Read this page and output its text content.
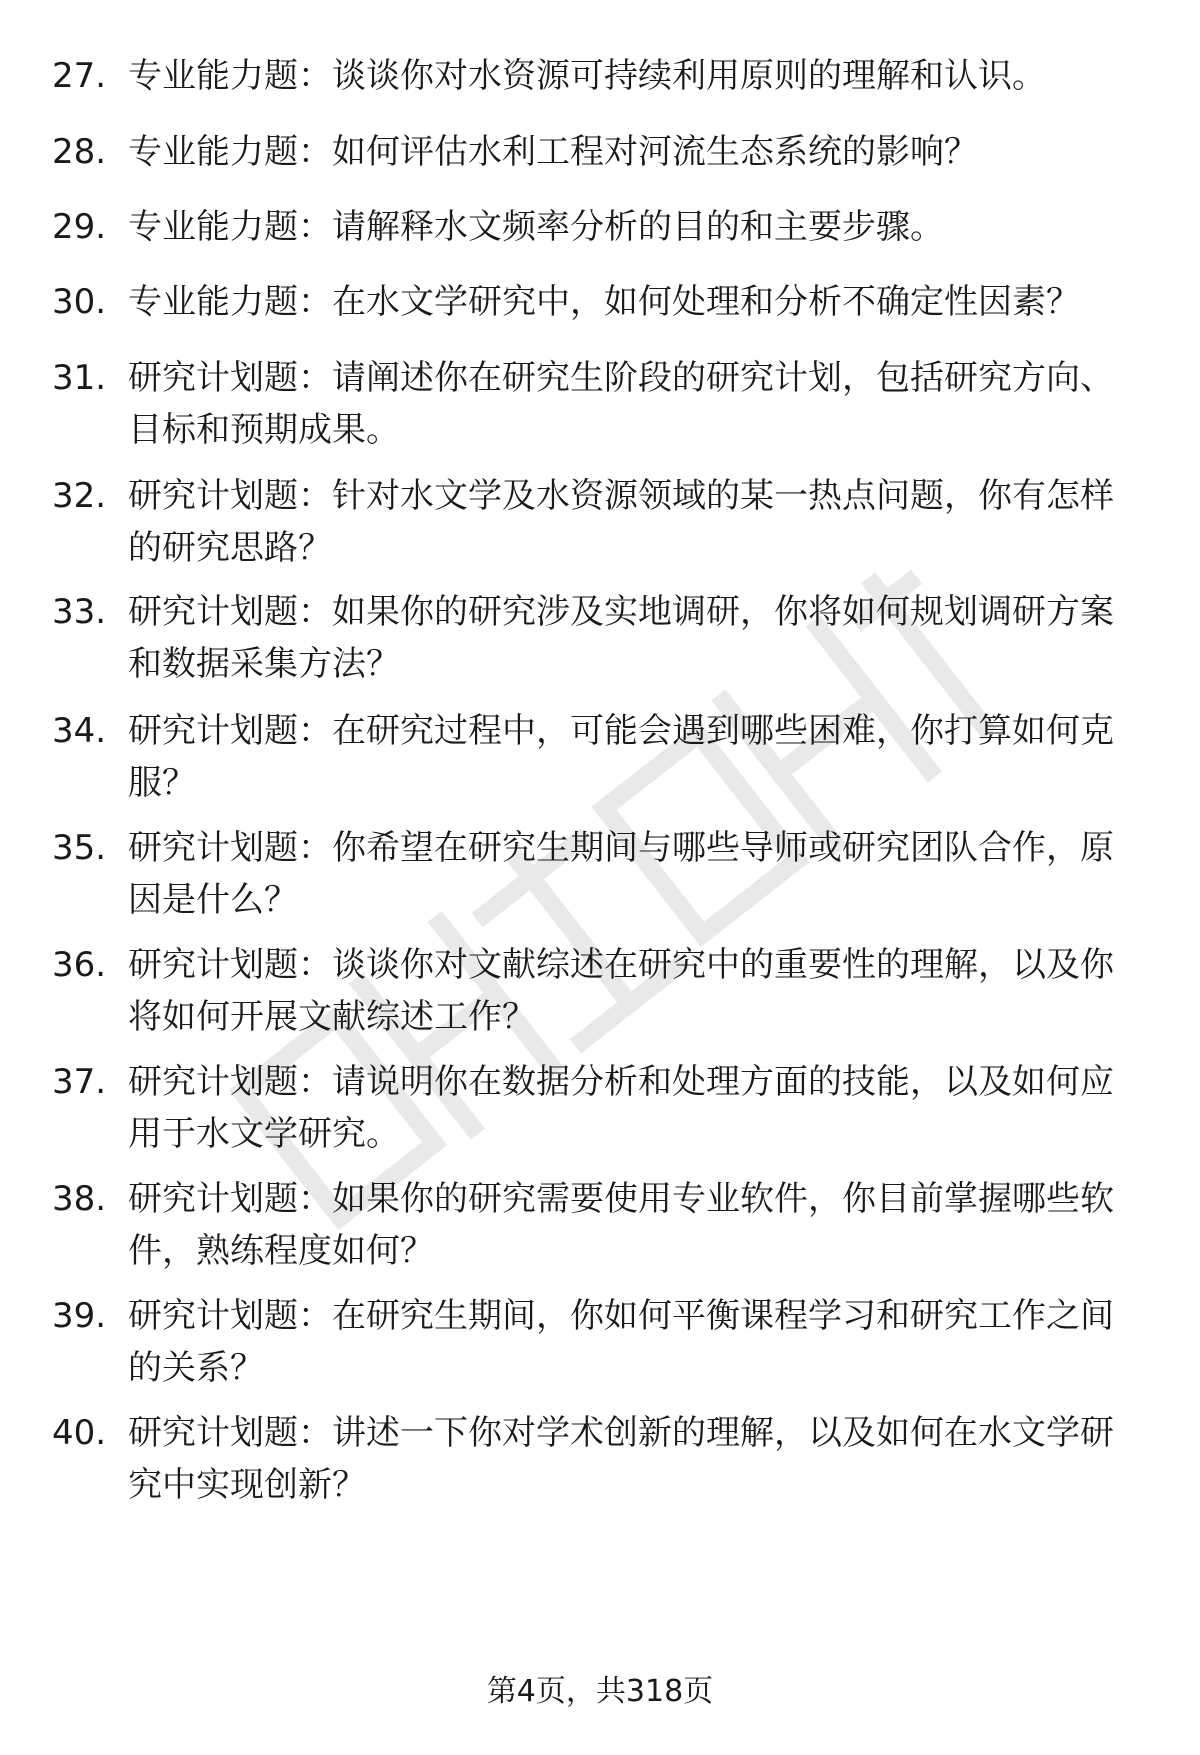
27. 专业能力题：谈谈你对水资源可持续利用原则的理解和认识。
28. 专业能力题：如何评估水利工程对河流生态系统的影响？
29. 专业能力题：请解释水文频率分析的目的和主要步骤。
30. 专业能力题：在水文学研究中，如何处理和分析不确定性因素？
31. 研究计划题：请阐述你在研究生阶段的研究计划，包括研究方向、目标和预期成果。
32. 研究计划题：针对水文学及水资源领域的某一热点问题，你有怎样的研究思路？
33. 研究计划题：如果你的研究涉及实地调研，你将如何规划调研方案和数据采集方法？
34. 研究计划题：在研究过程中，可能会遇到哪些困难，你打算如何克服？
35. 研究计划题：你希望在研究生期间与哪些导师或研究团队合作，原因是什么？
36. 研究计划题：谈谈你对文献综述在研究中的重要性的理解，以及你将如何开展文献综述工作？
37. 研究计划题：请说明你在数据分析和处理方面的技能，以及如何应用于水文学研究。
38. 研究计划题：如果你的研究需要使用专业软件，你目前掌握哪些软件，熟练程度如何？
39. 研究计划题：在研究生期间，你如何平衡课程学习和研究工作之间的关系？
40. 研究计划题：讲述一下你对学术创新的理解，以及如何在水文学研究中实现创新？
第4页，共318页
